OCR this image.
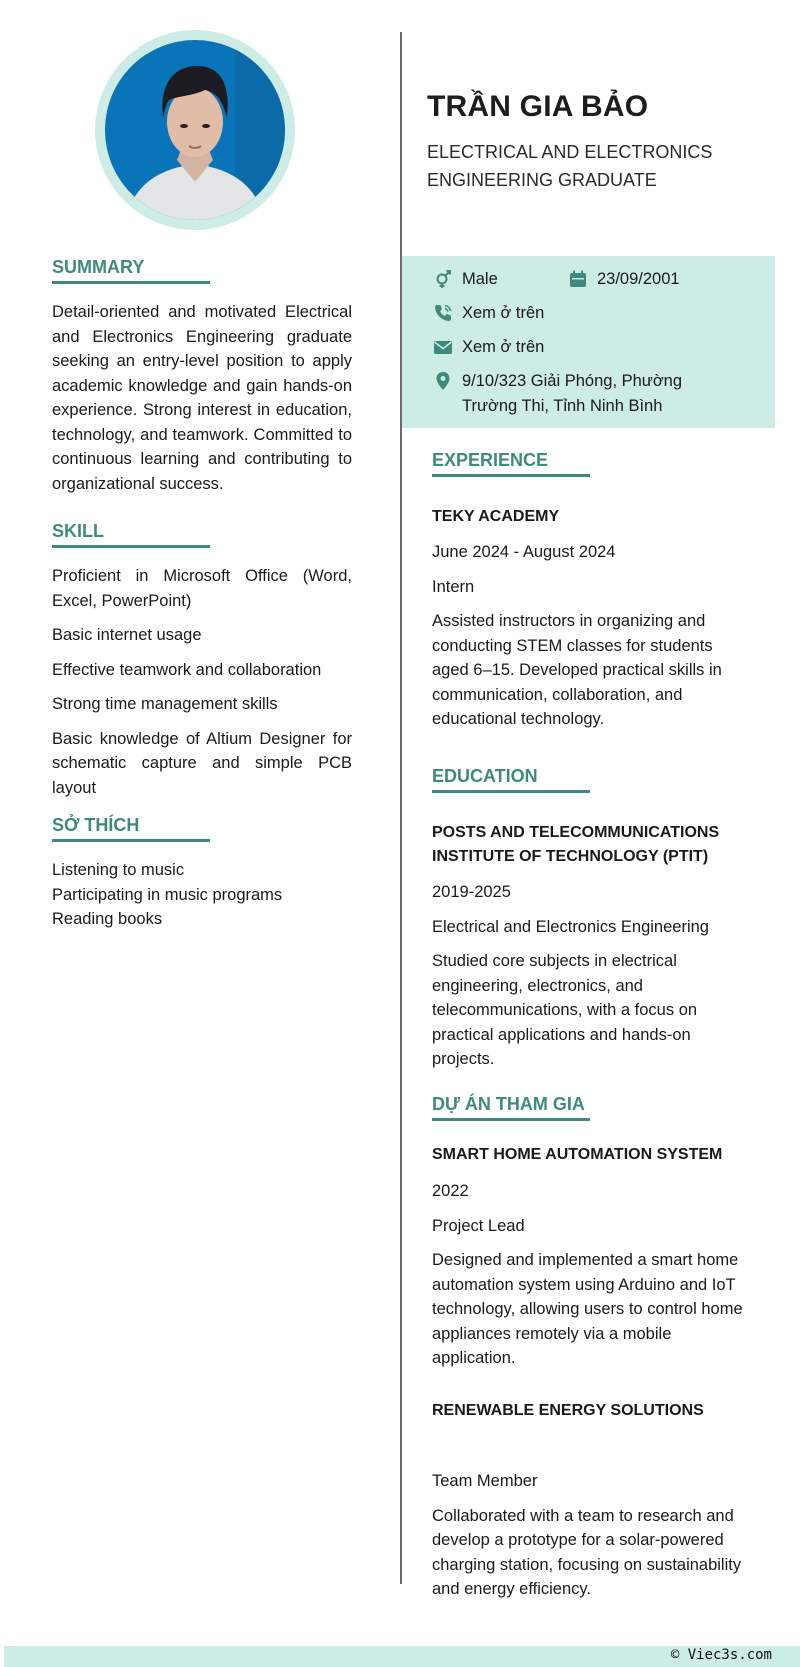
TRẦN GIA BẢO
ELECTRICAL AND ELECTRONICS
ENGINEERING GRADUATE
Male	23/09/2001
Xem ở trên
Xem ở trên
9/10/323 Giải Phóng, Phường
Trường Thi, Tỉnh Ninh Bình
SUMMARY
Detail-oriented and motivated Electrical and Electronics Engineering graduate seeking an entry-level position to apply academic knowledge and gain hands-on experience. Strong interest in education, technology, and teamwork. Committed to continuous learning and contributing to organizational success.
SKILL
Proficient in Microsoft Office (Word, Excel, PowerPoint)
Basic internet usage
Effective teamwork and collaboration
Strong time management skills
Basic knowledge of Altium Designer for schematic capture and simple PCB layout
SỞ THÍCH
Listening to music
Participating in music programs
Reading books
EXPERIENCE
TEKY ACADEMY
June 2024 - August 2024
Intern
Assisted instructors in organizing and conducting STEM classes for students aged 6–15. Developed practical skills in communication, collaboration, and educational technology.
EDUCATION
POSTS AND TELECOMMUNICATIONS INSTITUTE OF TECHNOLOGY (PTIT)
2019-2025
Electrical and Electronics Engineering
Studied core subjects in electrical engineering, electronics, and telecommunications, with a focus on practical applications and hands-on projects.
DỰ ÁN THAM GIA
SMART HOME AUTOMATION SYSTEM
2022
Project Lead
Designed and implemented a smart home automation system using Arduino and IoT technology, allowing users to control home appliances remotely via a mobile application.
RENEWABLE ENERGY SOLUTIONS
Team Member
Collaborated with a team to research and develop a prototype for a solar-powered charging station, focusing on sustainability and energy efficiency.
© Viec3s.com
